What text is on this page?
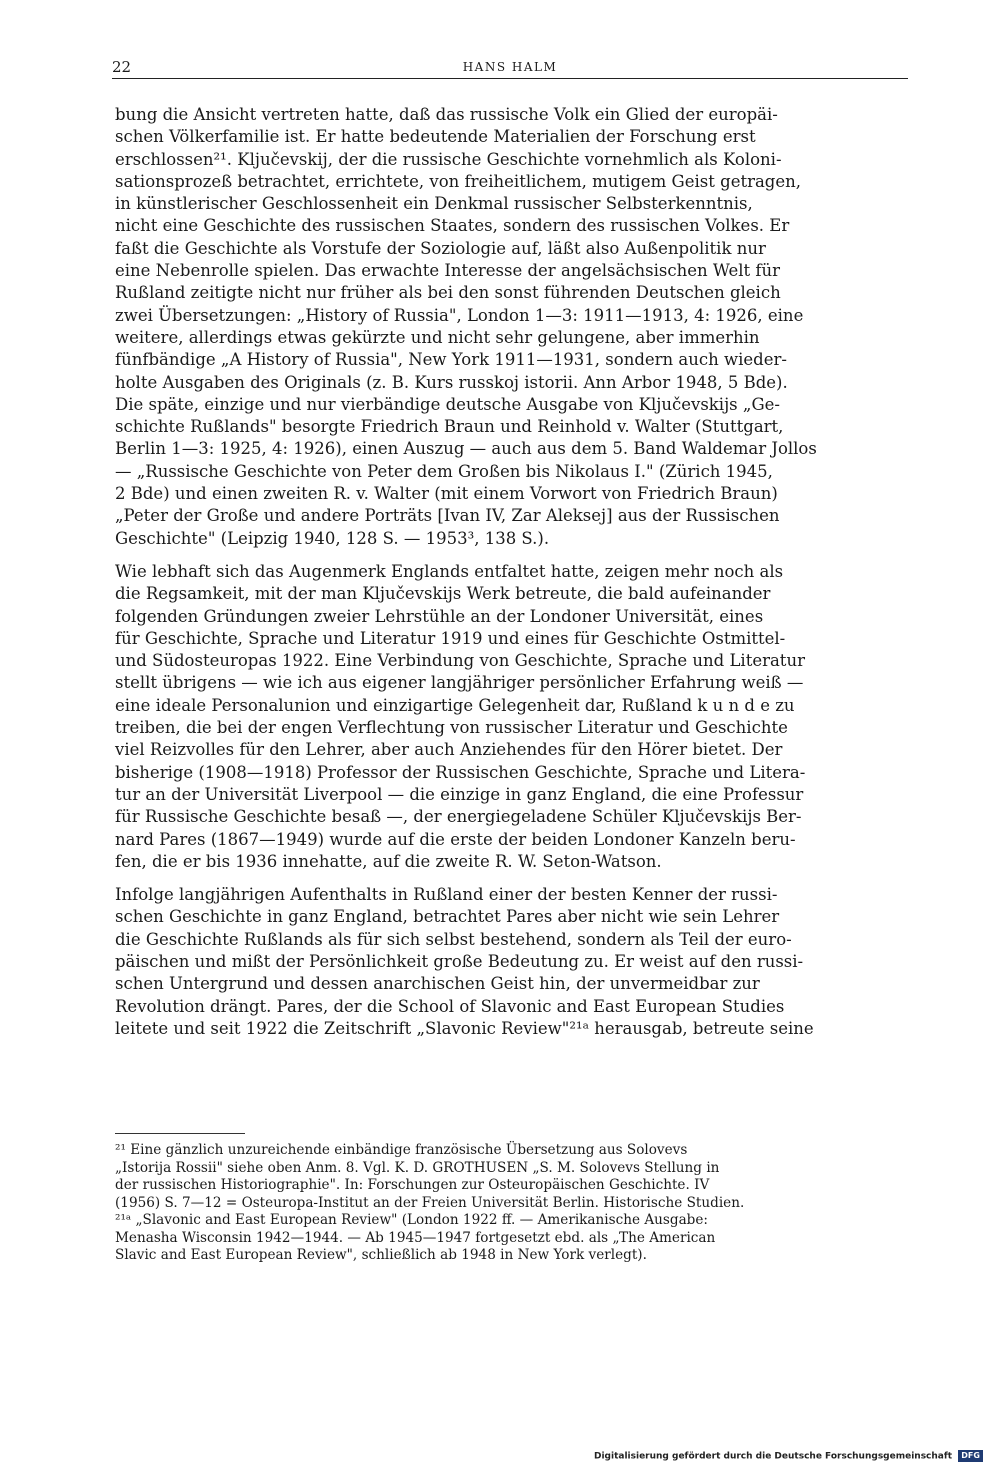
22	HANS HALM

bung die Ansicht vertreten hatte, daß das russische Volk ein Glied der europäi-
schen Völkerfamilie ist. Er hatte bedeutende Materialien der Forschung erst
erschlossen²¹. Ključevskij, der die russische Geschichte vornehmlich als Koloni-
sationsprozeß betrachtet, errichtete, von freiheitlichem, mutigem Geist getragen,
in künstlerischer Geschlossenheit ein Denkmal russischer Selbsterkenntnis,
nicht eine Geschichte des russischen Staates, sondern des russischen Volkes. Er
faßt die Geschichte als Vorstufe der Soziologie auf, läßt also Außenpolitik nur
eine Nebenrolle spielen. Das erwachte Interesse der angelsächsischen Welt für
Rußland zeitigte nicht nur früher als bei den sonst führenden Deutschen gleich
zwei Übersetzungen: „History of Russia", London 1—3: 1911—1913, 4: 1926, eine
weitere, allerdings etwas gekürzte und nicht sehr gelungene, aber immerhin
fünfbändige „A History of Russia", New York 1911—1931, sondern auch wieder-
holte Ausgaben des Originals (z. B. Kurs russkoj istorii. Ann Arbor 1948, 5 Bde).
Die späte, einzige und nur vierbändige deutsche Ausgabe von Ključevskijs „Ge-
schichte Rußlands" besorgte Friedrich Braun und Reinhold v. Walter (Stuttgart,
Berlin 1—3: 1925, 4: 1926), einen Auszug — auch aus dem 5. Band Waldemar Jollos
— „Russische Geschichte von Peter dem Großen bis Nikolaus I." (Zürich 1945,
2 Bde) und einen zweiten R. v. Walter (mit einem Vorwort von Friedrich Braun)
„Peter der Große und andere Porträts [Ivan IV, Zar Aleksej] aus der Russischen
Geschichte" (Leipzig 1940, 128 S. — 1953³, 138 S.).

Wie lebhaft sich das Augenmerk Englands entfaltet hatte, zeigen mehr noch als
die Regsamkeit, mit der man Ključevskijs Werk betreute, die bald aufeinander
folgenden Gründungen zweier Lehrstühle an der Londoner Universität, eines
für Geschichte, Sprache und Literatur 1919 und eines für Geschichte Ostmittel-
und Südosteuropas 1922. Eine Verbindung von Geschichte, Sprache und Literatur
stellt übrigens — wie ich aus eigener langjähriger persönlicher Erfahrung weiß —
eine ideale Personalunion und einzigartige Gelegenheit dar, Rußland k u n d e zu
treiben, die bei der engen Verflechtung von russischer Literatur und Geschichte
viel Reizvolles für den Lehrer, aber auch Anziehendes für den Hörer bietet. Der
bisherige (1908—1918) Professor der Russischen Geschichte, Sprache und Litera-
tur an der Universität Liverpool — die einzige in ganz England, die eine Professur
für Russische Geschichte besaß —, der energiegeladene Schüler Ključevskijs Ber-
nard Pares (1867—1949) wurde auf die erste der beiden Londoner Kanzeln beru-
fen, die er bis 1936 innehatte, auf die zweite R. W. Seton-Watson.

Infolge langjährigen Aufenthalts in Rußland einer der besten Kenner der russi-
schen Geschichte in ganz England, betrachtet Pares aber nicht wie sein Lehrer
die Geschichte Rußlands als für sich selbst bestehend, sondern als Teil der euro-
päischen und mißt der Persönlichkeit große Bedeutung zu. Er weist auf den russi-
schen Untergrund und dessen anarchischen Geist hin, der unvermeidbar zur
Revolution drängt. Pares, der die School of Slavonic and East European Studies
leitete und seit 1922 die Zeitschrift „Slavonic Review"²¹ᵃ herausgab, betreute seine

²¹ Eine gänzlich unzureichende einbändige französische Übersetzung aus Solovevs
„Istorija Rossii" siehe oben Anm. 8. Vgl. K. D. GROTHUSEN „S. M. Solovevs Stellung in
der russischen Historiographie". In: Forschungen zur Osteuropäischen Geschichte. IV
(1956) S. 7—12 = Osteuropa-Institut an der Freien Universität Berlin. Historische Studien.
²¹ᵃ „Slavonic and East European Review" (London 1922 ff. — Amerikanische Ausgabe:
Menasha Wisconsin 1942—1944. — Ab 1945—1947 fortgesetzt ebd. als „The American
Slavic and East European Review", schließlich ab 1948 in New York verlegt).
Digitalisierung gefördert durch die Deutsche Forschungsgemeinschaft DFG
